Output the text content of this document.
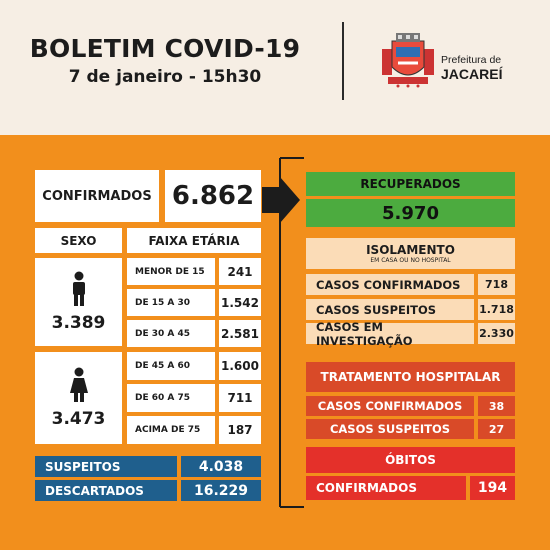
BOLETIM COVID-19
7 de janeiro - 15h30
Prefeitura de
JACAREÍ
CONFIRMADOS 6.862
SEXO	FAIXA ETÁRIA
3.389
3.473
MENOR DE 15	241
DE 15 A 30	1.542
DE 30 A 45	2.581
DE 45 A 60	1.600
DE 60 A 75	711
ACIMA DE 75	187
SUSPEITOS	4.038
DESCARTADOS	16.229
RECUPERADOS
5.970
ISOLAMENTO
EM CASA OU NO HOSPITAL
CASOS CONFIRMADOS	718
CASOS SUSPEITOS	1.718
CASOS EM INVESTIGAÇÃO	2.330
TRATAMENTO HOSPITALAR
CASOS CONFIRMADOS	38
CASOS SUSPEITOS	27
ÓBITOS
CONFIRMADOS	194
